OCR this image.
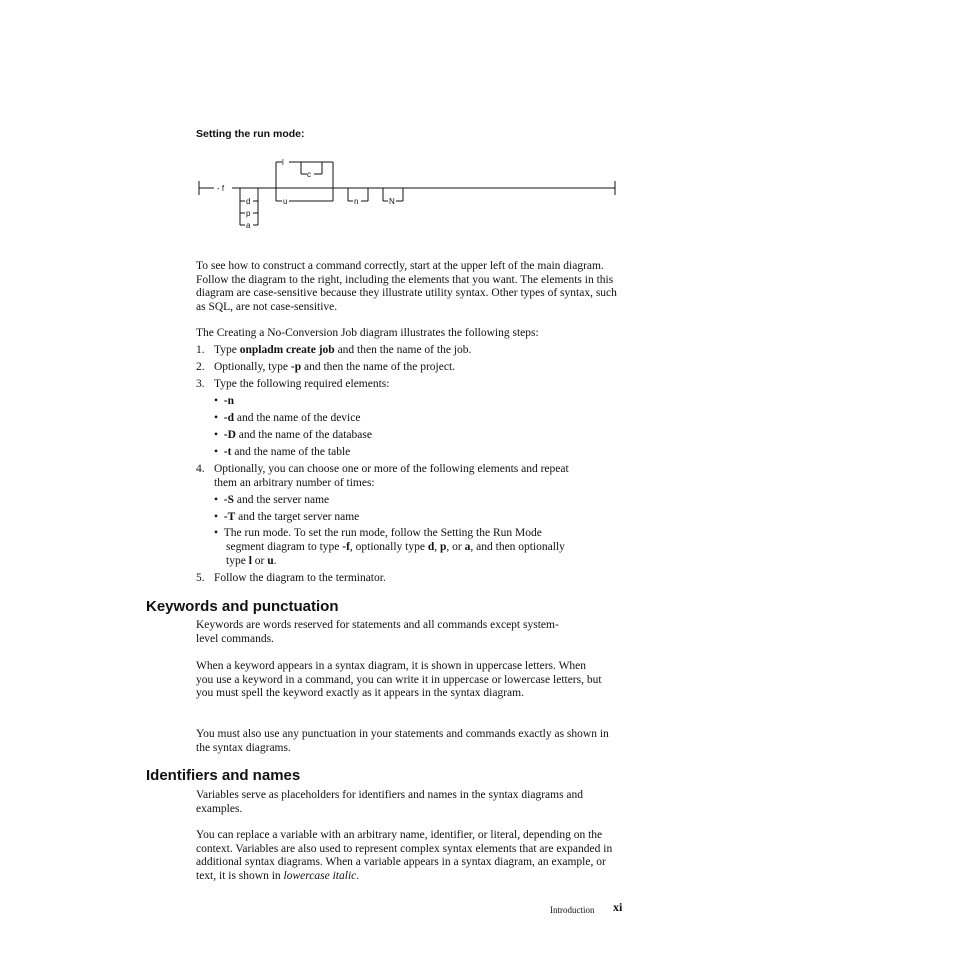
Setting the run mode:
- f
l
c
u
d
p
a
n	N
To see how to construct a command correctly, start at the upper left of the main diagram. Follow the diagram to the right, including the elements that you want. The elements in this diagram are case-sensitive because they illustrate utility syntax. Other types of syntax, such as SQL, are not case-sensitive.
The Creating a No-Conversion Job diagram illustrates the following steps:
1. Type onpladm create job and then the name of the job.
2. Optionally, type -p and then the name of the project.
3. Type the following required elements:
• -n
• -d and the name of the device
• -D and the name of the database
• -t and the name of the table
4. Optionally, you can choose one or more of the following elements and repeat
them an arbitrary number of times:
• -S and the server name
• -T and the target server name
• The run mode. To set the run mode, follow the Setting the Run Mode
segment diagram to type -f, optionally type d, p, or a, and then optionally
type l or u.
5. Follow the diagram to the terminator.
Keywords and punctuation
Keywords are words reserved for statements and all commands except system-level commands.
When a keyword appears in a syntax diagram, it is shown in uppercase letters. When you use a keyword in a command, you can write it in uppercase or lowercase letters, but you must spell the keyword exactly as it appears in the syntax diagram.
You must also use any punctuation in your statements and commands exactly as shown in the syntax diagrams.
Identifiers and names
Variables serve as placeholders for identifiers and names in the syntax diagrams and examples.
You can replace a variable with an arbitrary name, identifier, or literal, depending on the context. Variables are also used to represent complex syntax elements that are expanded in additional syntax diagrams. When a variable appears in a syntax diagram, an example, or text, it is shown in lowercase italic.
Introduction xi
